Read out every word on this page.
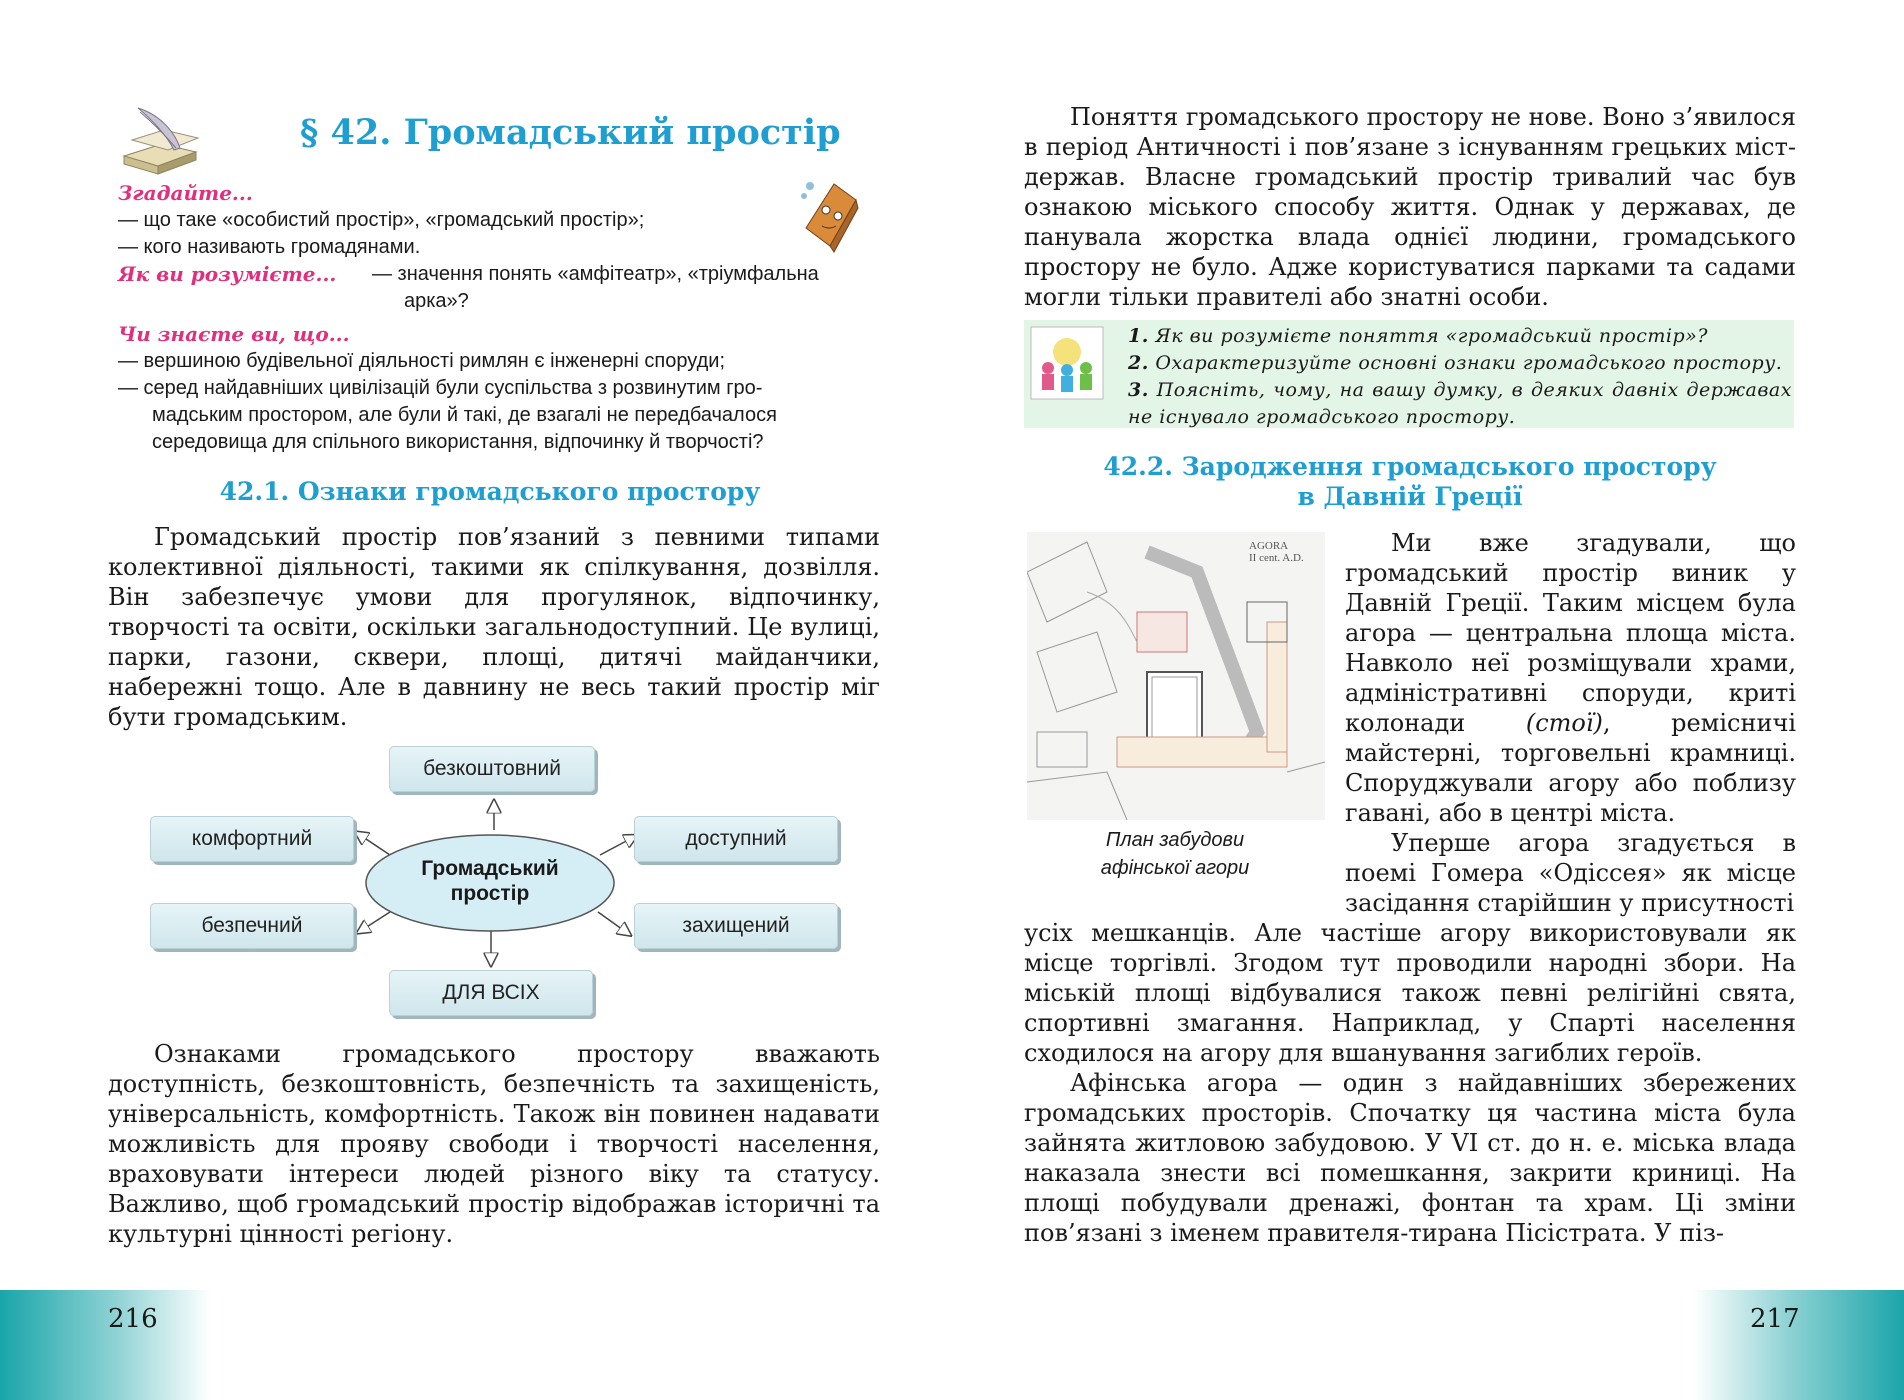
§ 42. Громадський простір
Згадайте...
— що таке «особистий простір», «громадський простір»;
— кого називають громадянами.
Як ви розумієте... — значення понять «амфітеатр», «тріумфальна
арка»?
Чи знаєте ви, що...
— вершиною будівельної діяльності римлян є інженерні споруди;
— серед найдавніших цивілізацій були суспільства з розвинутим гро-
мадським простором, але були й такі, де взагалі не передбачалося
середовища для спільного використання, відпочинку й творчості?
42.1. Ознаки громадського простору

Громадський простір пов’язаний з певними типами колективної діяльності, такими як спілкування, дозвілля. Він забезпечує умови для прогулянок, відпочинку, творчості та освіти, оскільки загальнодоступний. Це вулиці, парки, газони, сквери, площі, дитячі майданчики, набережні тощо. Але в давнину не весь такий простір міг бути громадським.

Громадський
простір
безкоштовний
комфортний	доступний
безпечний	захищений
ДЛЯ ВСІХ

Ознаками громадського простору вважають доступність, безкоштовність, безпечність та захищеність, універсальність, комфортність. Також він повинен надавати можливість для прояву свободи і творчості населення, враховувати інтереси людей різного віку та статусу. Важливо, щоб громадський простір відображав історичні та культурні цінності регіону.

216

Поняття громадського простору не нове. Воно з’явилося в період Античності і пов’язане з існуванням грецьких міст-держав. Власне громадський простір тривалий час був ознакою міського способу життя. Однак у державах, де панувала жорстка влада однієї людини, громадського простору не було. Адже користуватися парками та садами могли тільки правителі або знатні особи.

1. Як ви розумієте поняття «громадський простір»?
2. Охарактеризуйте основні ознаки громадського простору.
3. Поясніть, чому, на вашу думку, в деяких давніх державах не існувало громадського простору.
42.2. Зародження громадського простору
в Давній Греції
AGORA
II cent. A.D.
План забудови
афінської агори

Ми вже згадували, що громадський простір виник у Давній Греції. Таким місцем була агора — центральна площа міста. Навколо неї розміщували храми, адміністративні споруди, криті колонади	(стої), ремісничі майстерні, торговельні крамниці. Споруджували агору або поблизу гавані, або в центрі міста.

Уперше агора згадується в поемі Гомера «Одіссея» як місце засідання старійшин у присутності

усіх мешканців. Але частіше агору використовували як місце торгівлі. Згодом тут проводили народні збори. На міській площі відбувалися також певні релігійні свята, спортивні змагання. Наприклад, у Спарті населення сходилося на агору для вшанування загиблих героїв.

Афінська агора — один з найдавніших збережених громадських просторів. Спочатку ця частина міста була зайнята житловою забудовою. У VI ст. до н. е. міська влада наказала знести всі помешкання, закрити криниці. На площі побудували дренажі, фонтан та храм. Ці зміни пов’язані з іменем правителя-тирана Пісістрата. У піз-

217
